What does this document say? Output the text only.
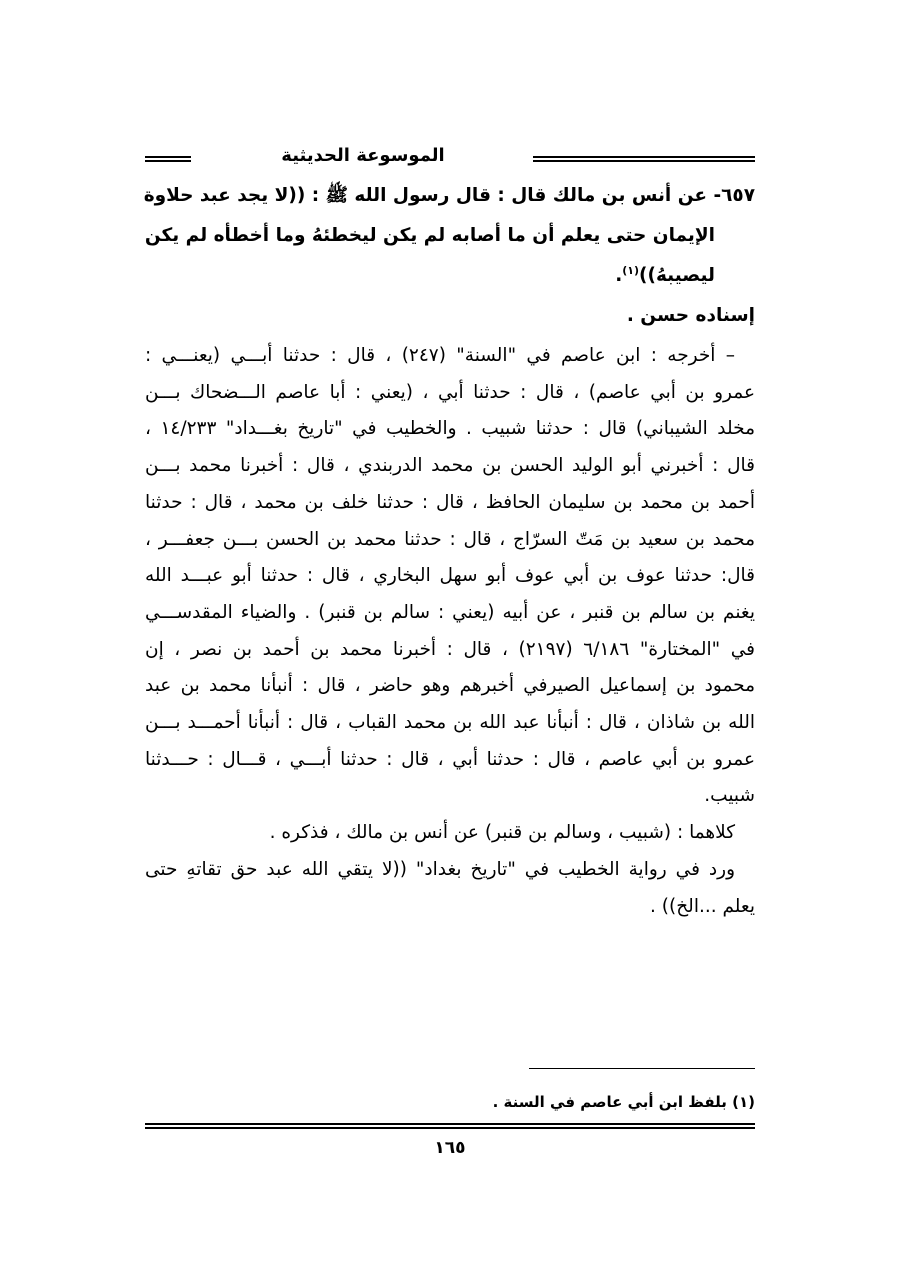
الموسوعة الحديثية

٦٥٧- عن أنس بن مالك قال : قال رسول الله ﷺ : ((لا يجد عبد حلاوة
الإيمان حتى يعلم أن ما أصابه لم يكن ليخطئهُ وما أخطأه لم يكن
ليصيبهُ))$^{(١)}$.

إسناده حسن .

– أخرجه : ابن عاصم في "السنة" (٢٤٧) ، قال : حدثنا أبـــي (يعنـــي :
عمرو بن أبي عاصم) ، قال : حدثنا أبي ، (يعني : أبا عاصم الـــضحاك بـــن
مخلد الشيباني) قال : حدثنا شبيب . والخطيب في "تاريخ بغـــداد" ١٤/٢٣٣ ،
قال : أخبرني أبو الوليد الحسن بن محمد الدربندي ، قال : أخبرنا محمد بـــن
أحمد بن محمد بن سليمان الحافظ ، قال : حدثنا خلف بن محمد ، قال : حدثنا
محمد بن سعيد بن مَتّ السرّاج ، قال : حدثنا محمد بن الحسن بـــن جعفـــر ،
قال: حدثنا عوف بن أبي عوف أبو سهل البخاري ، قال : حدثنا أبو عبـــد الله
يغنم بن سالم بن قنبر ، عن أبيه (يعني : سالم بن قنبر) . والضياء المقدســـي
في "المختارة" ٦/١٨٦ (٢١٩٧) ، قال : أخبرنا محمد بن أحمد بن نصر ، إن
محمود بن إسماعيل الصيرفي أخبرهم وهو حاضر ، قال : أنبأنا محمد بن عبد
الله بن شاذان ، قال : أنبأنا عبد الله بن محمد القباب ، قال : أنبأنا أحمـــد بـــن
عمرو بن أبي عاصم ، قال : حدثنا أبي ، قال : حدثنا أبـــي ، قـــال : حـــدثنا
شبيب.

كلاهما : (شبيب ، وسالم بن قنبر) عن أنس بن مالك ، فذكره .

ورد في رواية الخطيب في "تاريخ بغداد" ((لا يتقي الله عبد حق تقاتهِ حتى
يعلم ...الخ)) .

(١) بلفظ ابن أبي عاصم في السنة .
١٦٥
